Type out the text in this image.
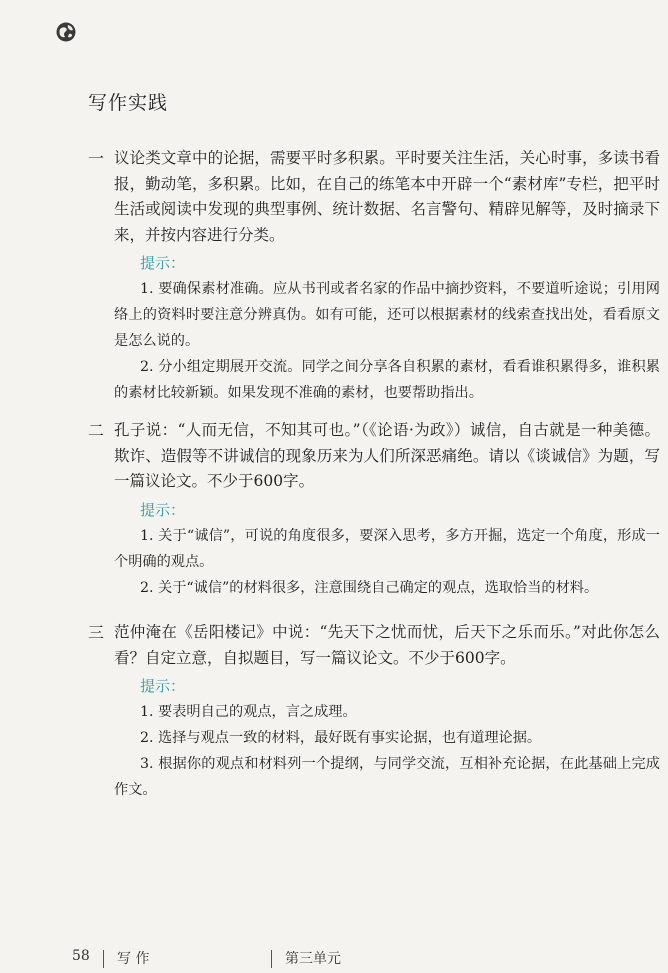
写作实践
一 议论类文章中的论据，需要平时多积累。平时要关注生活，关心时事，多读书看报，勤动笔，多积累。比如，在自己的练笔本中开辟一个“素材库”专栏，把平时生活或阅读中发现的典型事例、统计数据、名言警句、精辟见解等，及时摘录下来，并按内容进行分类。
提示：
1. 要确保素材准确。应从书刊或者名家的作品中摘抄资料，不要道听途说；引用网络上的资料时要注意分辨真伪。如有可能，还可以根据素材的线索查找出处，看看原文是怎么说的。
2. 分小组定期展开交流。同学之间分享各自积累的素材，看看谁积累得多，谁积累的素材比较新颖。如果发现不准确的素材，也要帮助指出。
二 孔子说：“人而无信，不知其可也。”（《论语·为政》）诚信，自古就是一种美德。欺诈、造假等不讲诚信的现象历来为人们所深恶痛绝。请以《谈诚信》为题，写一篇议论文。不少于600字。
提示：
1. 关于“诚信”，可说的角度很多，要深入思考，多方开掘，选定一个角度，形成一个明确的观点。
2. 关于“诚信”的材料很多，注意围绕自己确定的观点，选取恰当的材料。
三 范仲淹在《岳阳楼记》中说：“先天下之忧而忧，后天下之乐而乐。”对此你怎么看？自定立意，自拟题目，写一篇议论文。不少于600字。
提示：
1. 要表明自己的观点，言之成理。
2. 选择与观点一致的材料，最好既有事实论据，也有道理论据。
3. 根据你的观点和材料列一个提纲，与同学交流，互相补充论据，在此基础上完成作文。
58 写 作	第三单元
